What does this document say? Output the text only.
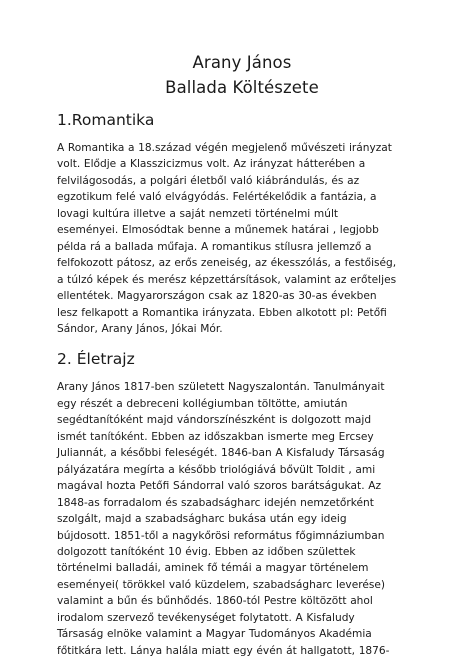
Arany János
Ballada Költészete
1.Romantika

A Romantika a 18.század végén megjelenő művészeti irányzat
volt. Elődje a Klasszicizmus volt. Az irányzat hátterében a
felvilágosodás, a polgári életből való kiábrándulás, és az
egzotikum felé való elvágyódás. Felértékelődik a fantázia, a
lovagi kultúra illetve a saját nemzeti történelmi múlt
eseményei. Elmosódtak benne a műnemek határai , legjobb
példa rá a ballada műfaja. A romantikus stílusra jellemző a
felfokozott pátosz, az erős zeneiség, az ékesszólás, a festőiség,
a túlzó képek és merész képzettársítások, valamint az erőteljes
ellentétek. Magyarországon csak az 1820-as 30-as években
lesz felkapott a Romantika irányzata. Ebben alkotott pl: Petőfi
Sándor, Arany János, Jókai Mór.

2. Életrajz

Arany János 1817-ben született Nagyszalontán. Tanulmányait
egy részét a debreceni kollégiumban töltötte, amiután
segédtanítóként majd vándorszínészként is dolgozott majd
ismét tanítóként. Ebben az időszakban ismerte meg Ercsey
Juliannát, a későbbi feleségét. 1846-ban A Kisfaludy Társaság
pályázatára megírta a később triológiává bővült Toldit , ami
magával hozta Petőfi Sándorral való szoros barátságukat. Az
1848-as forradalom és szabadságharc idején nemzetőrként
szolgált, majd a szabadságharc bukása után egy ideig
bújdosott. 1851-től a nagykőrösi református főgimnáziumban
dolgozott tanítóként 10 évig. Ebben az időben születtek
történelmi balladái, aminek fő témái a magyar történelem
eseményei( törökkel való küzdelem, szabadságharc leverése)
valamint a bűn és bűnhődés. 1860-tól Pestre költözött ahol
irodalom szervező tevékenységet folytatott. A Kisfaludy
Társaság elnöke valamint a Magyar Tudományos Akadémia
főtitkára lett. Lánya halála miatt egy évén át hallgatott, 1876-
